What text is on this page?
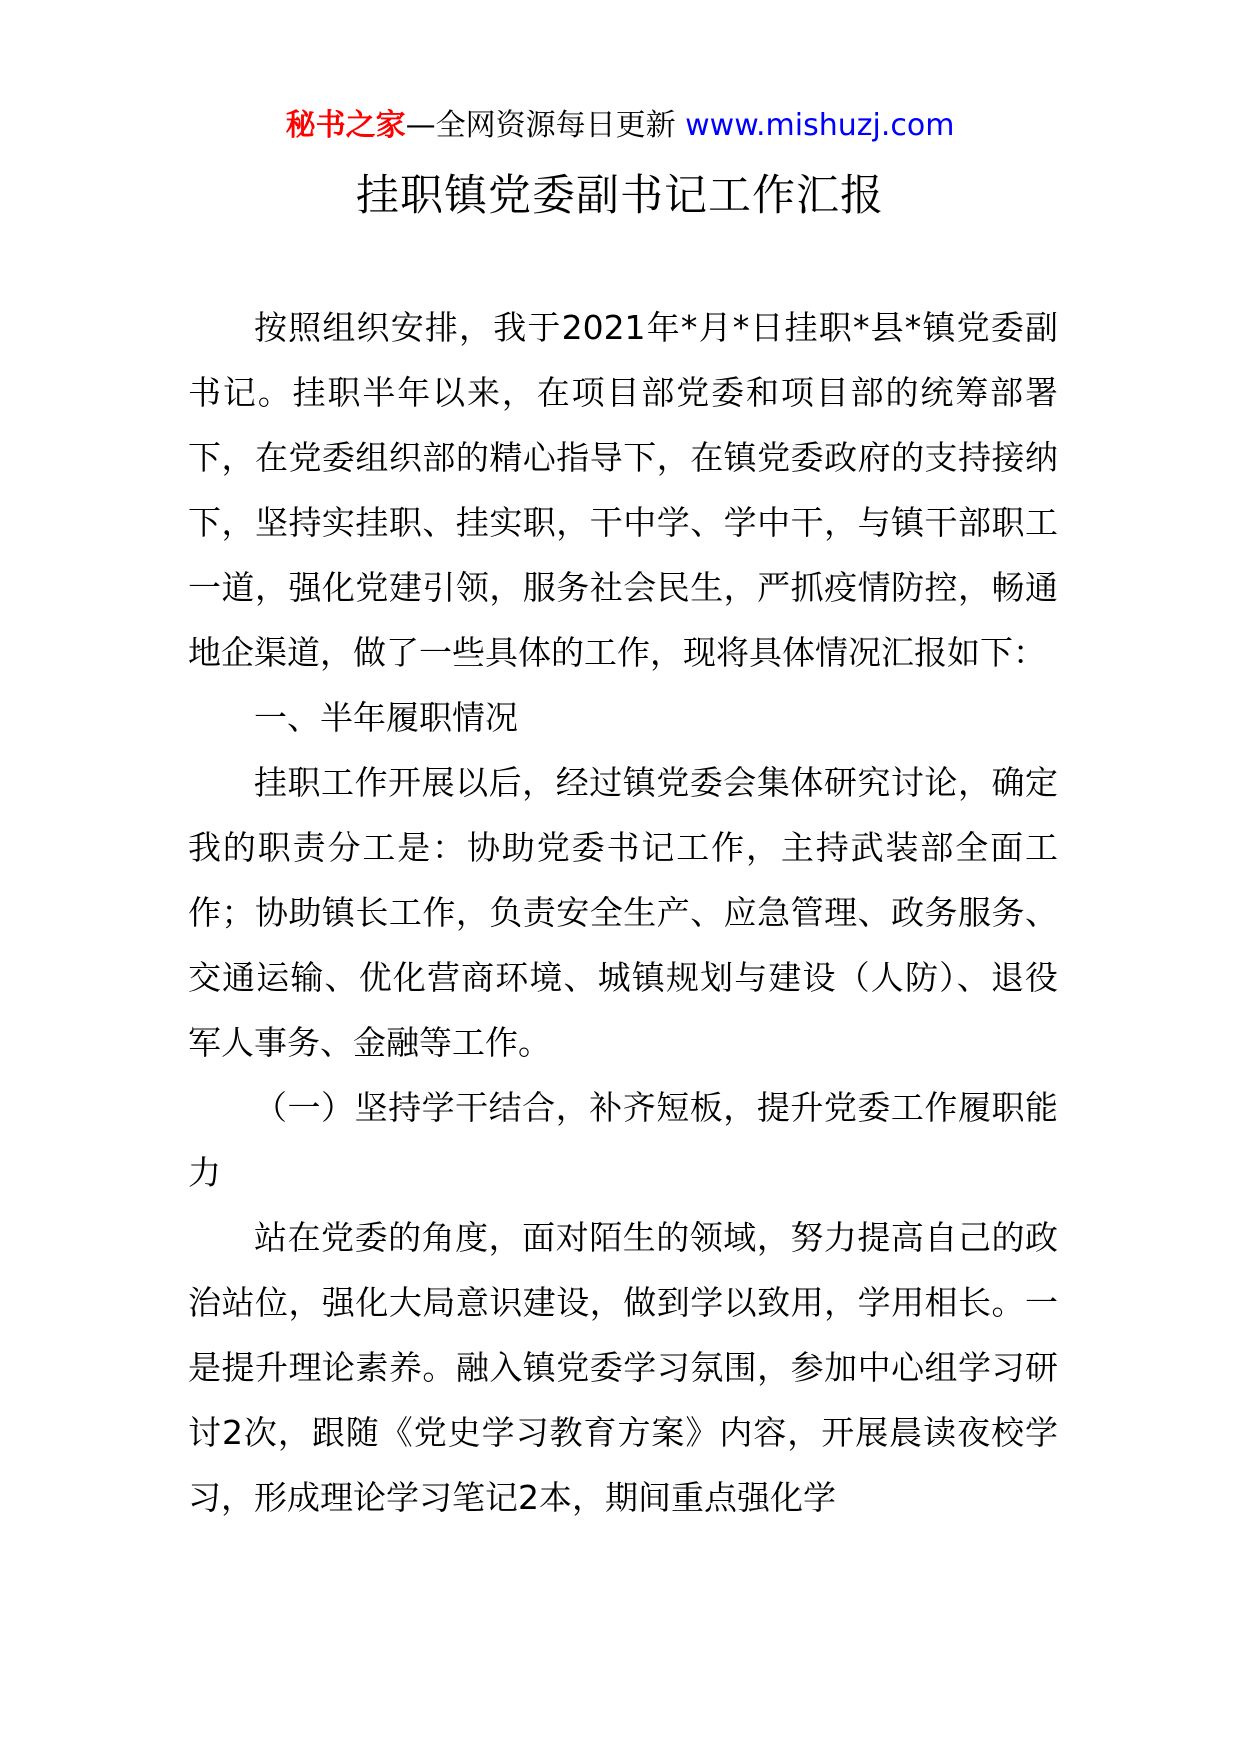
秘书之家—全网资源每日更新 www.mishuzj.com
挂职镇党委副书记工作汇报

按照组织安排，我于2021年*月*日挂职*县*镇党委副书记。挂职半年以来，在项目部党委和项目部的统筹部署下，在党委组织部的精心指导下，在镇党委政府的支持接纳下，坚持实挂职、挂实职，干中学、学中干，与镇干部职工一道，强化党建引领，服务社会民生，严抓疫情防控，畅通地企渠道，做了一些具体的工作，现将具体情况汇报如下：

一、半年履职情况

挂职工作开展以后，经过镇党委会集体研究讨论，确定我的职责分工是：协助党委书记工作，主持武装部全面工作；协助镇长工作，负责安全生产、应急管理、政务服务、交通运输、优化营商环境、城镇规划与建设（人防）、退役军人事务、金融等工作。

（一）坚持学干结合，补齐短板，提升党委工作履职能力

站在党委的角度，面对陌生的领域，努力提高自己的政治站位，强化大局意识建设，做到学以致用，学用相长。一是提升理论素养。融入镇党委学习氛围，参加中心组学习研讨2次，跟随《党史学习教育方案》内容，开展晨读夜校学习，形成理论学习笔记2本，期间重点强化学
